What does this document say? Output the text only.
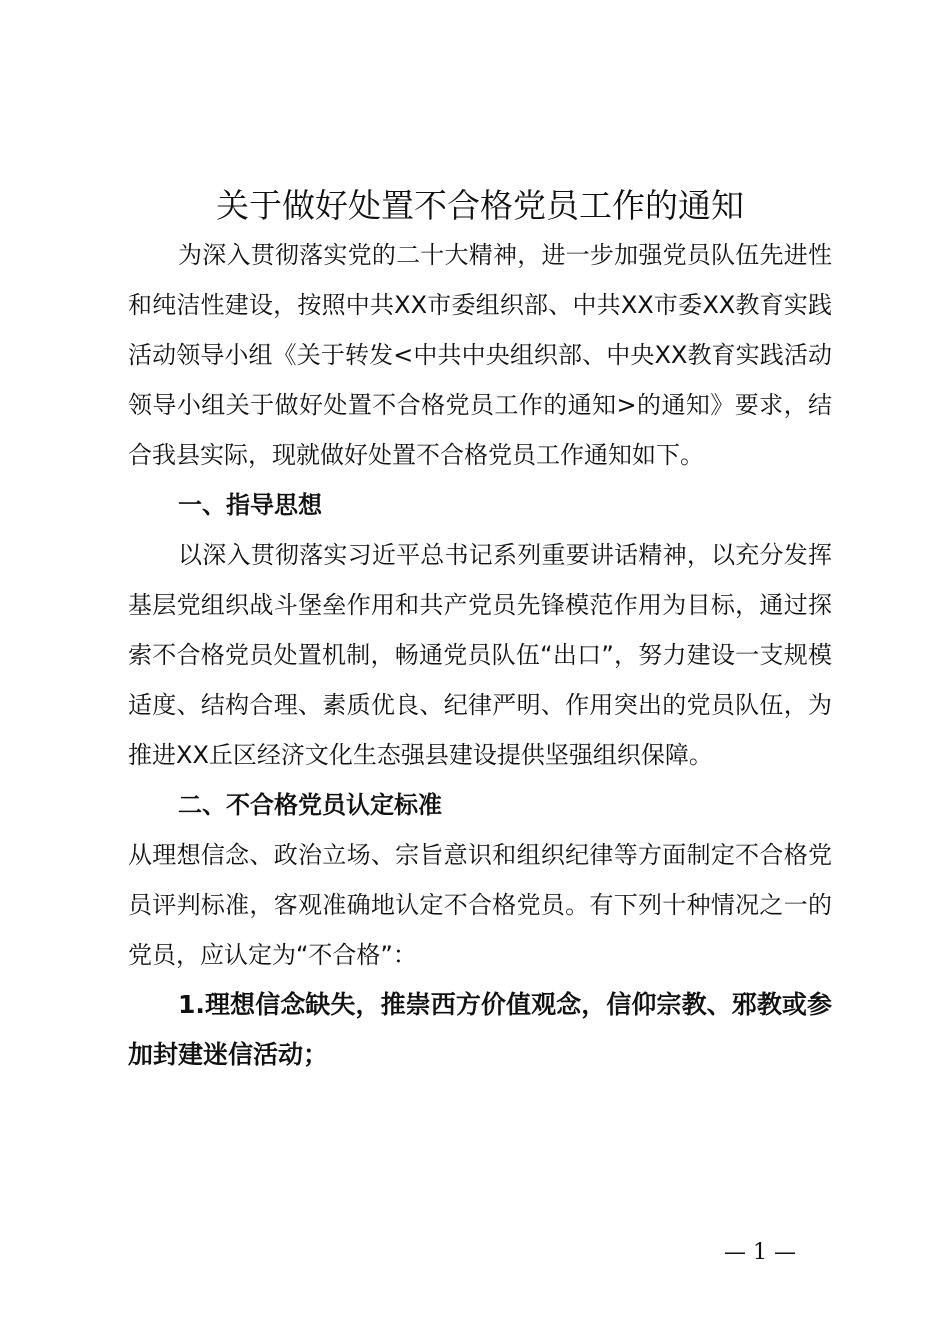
关于做好处置不合格党员工作的通知

为深入贯彻落实党的二十大精神，进一步加强党员队伍先进性和纯洁性建设，按照中共XX市委组织部、中共XX市委XX教育实践活动领导小组《关于转发<中共中央组织部、中央XX教育实践活动领导小组关于做好处置不合格党员工作的通知>的通知》要求，结合我县实际，现就做好处置不合格党员工作通知如下。

一、指导思想

以深入贯彻落实习近平总书记系列重要讲话精神，以充分发挥基层党组织战斗堡垒作用和共产党员先锋模范作用为目标，通过探索不合格党员处置机制，畅通党员队伍“出口”，努力建设一支规模适度、结构合理、素质优良、纪律严明、作用突出的党员队伍，为推进XX丘区经济文化生态强县建设提供坚强组织保障。

二、不合格党员认定标准

从理想信念、政治立场、宗旨意识和组织纪律等方面制定不合格党员评判标准，客观准确地认定不合格党员。有下列十种情况之一的党员，应认定为“不合格”：

1.理想信念缺失，推崇西方价值观念，信仰宗教、邪教或参加封建迷信活动；

— 1 —
